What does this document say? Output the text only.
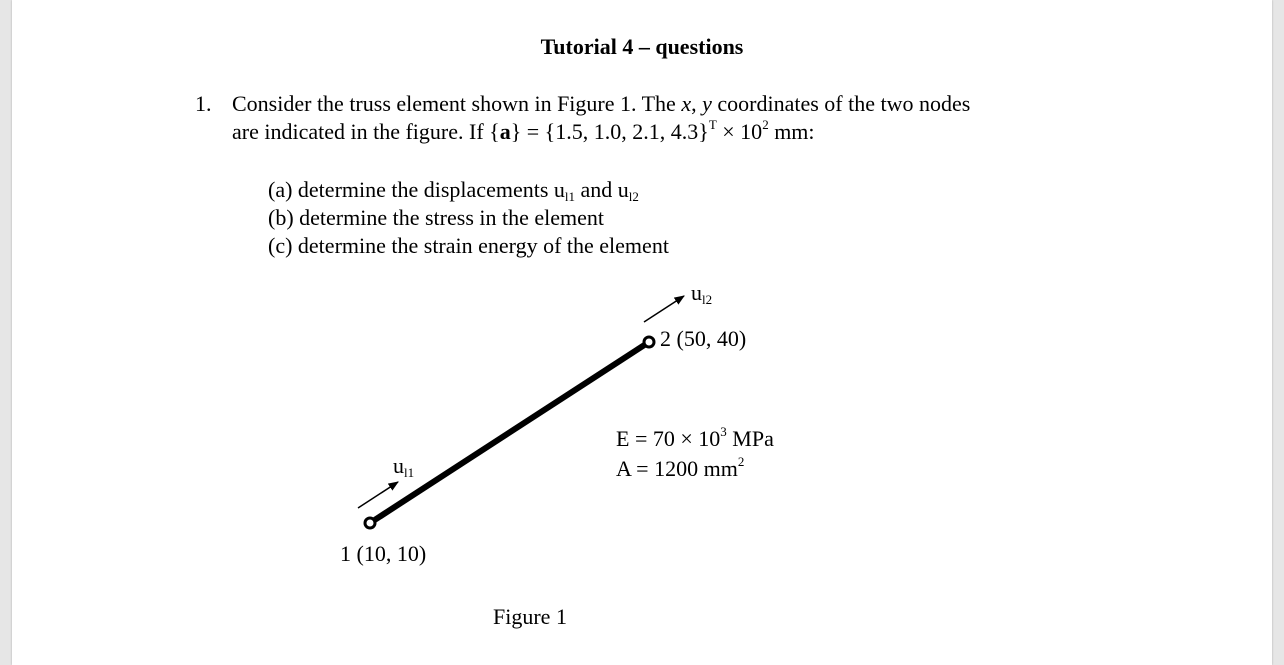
Tutorial 4 – questions
1. Consider the truss element shown in Figure 1. The x, y coordinates of the two nodes
are indicated in the figure. If {a} = {1.5, 1.0, 2.1, $4.3\}^T \times 10^2$ mm:
(a) determine the displacements ul1 and ul2
(b) determine the stress in the element
(c) determine the strain energy of the element
ul2
2 (50, 40)
$E = 70 \times 10^3$ MPa
A = 1200 $mm^2$
ul1
1 (10, 10)
Figure 1
